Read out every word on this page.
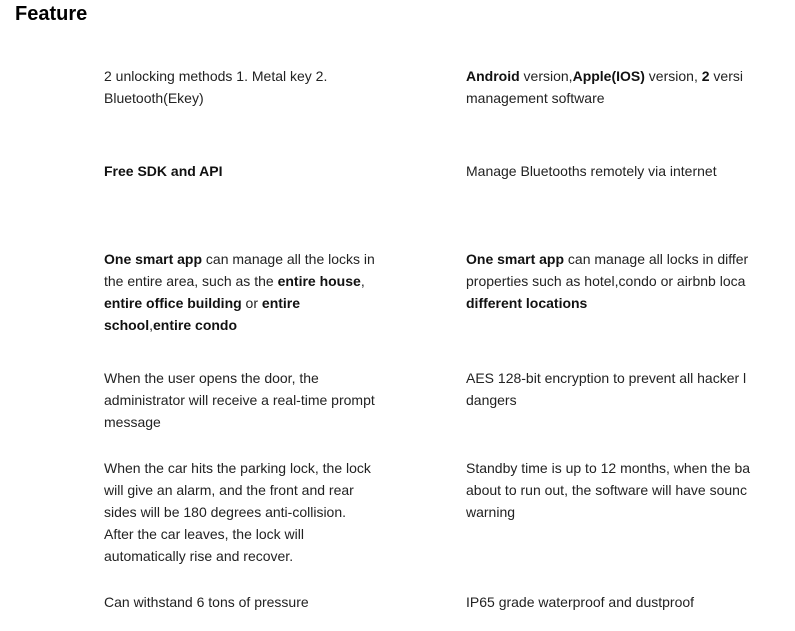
Feature
2 unlocking methods 1. Metal key 2.
Bluetooth(Ekey)
Android version,Apple(IOS) version, 2 versi
management software
Free SDK and API	Manage Bluetooths remotely via internet
One smart app can manage all the locks in
the entire area, such as the entire house,
entire office building or entire
school,entire condo
One smart app can manage all locks in differ
properties such as hotel,condo or airbnb loca
different locations
When the user opens the door, the
administrator will receive a real-time prompt
message
AES 128-bit encryption to prevent all hacker l
dangers
When the car hits the parking lock, the lock
will give an alarm, and the front and rear
sides will be 180 degrees anti-collision.
After the car leaves, the lock will
automatically rise and recover.
Standby time is up to 12 months, when the ba
about to run out, the software will have sounc
warning
Can withstand 6 tons of pressure	IP65 grade waterproof and dustproof
